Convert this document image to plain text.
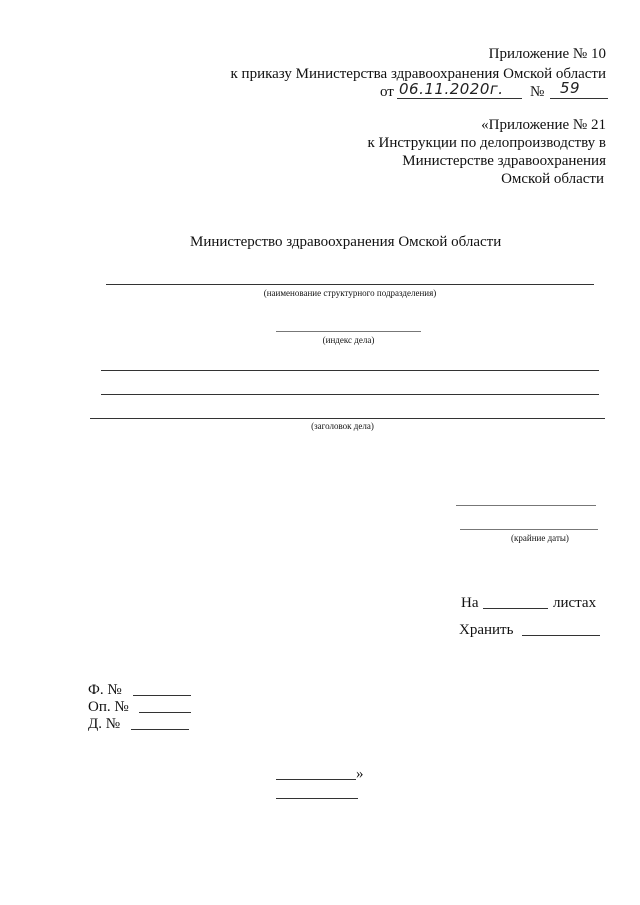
Приложение № 10
к приказу Министерства здравоохранения Омской области
от 06.11.2020г. № 59
«Приложение № 21
к Инструкции по делопроизводству в
Министерстве здравоохранения
Омской области
Министерство здравоохранения Омской области
(наименование структурного подразделения)
(индекс дела)
(заголовок дела)
(крайние даты)
На	листах
Хранить
Ф. №
Оп. №
Д. №
»
